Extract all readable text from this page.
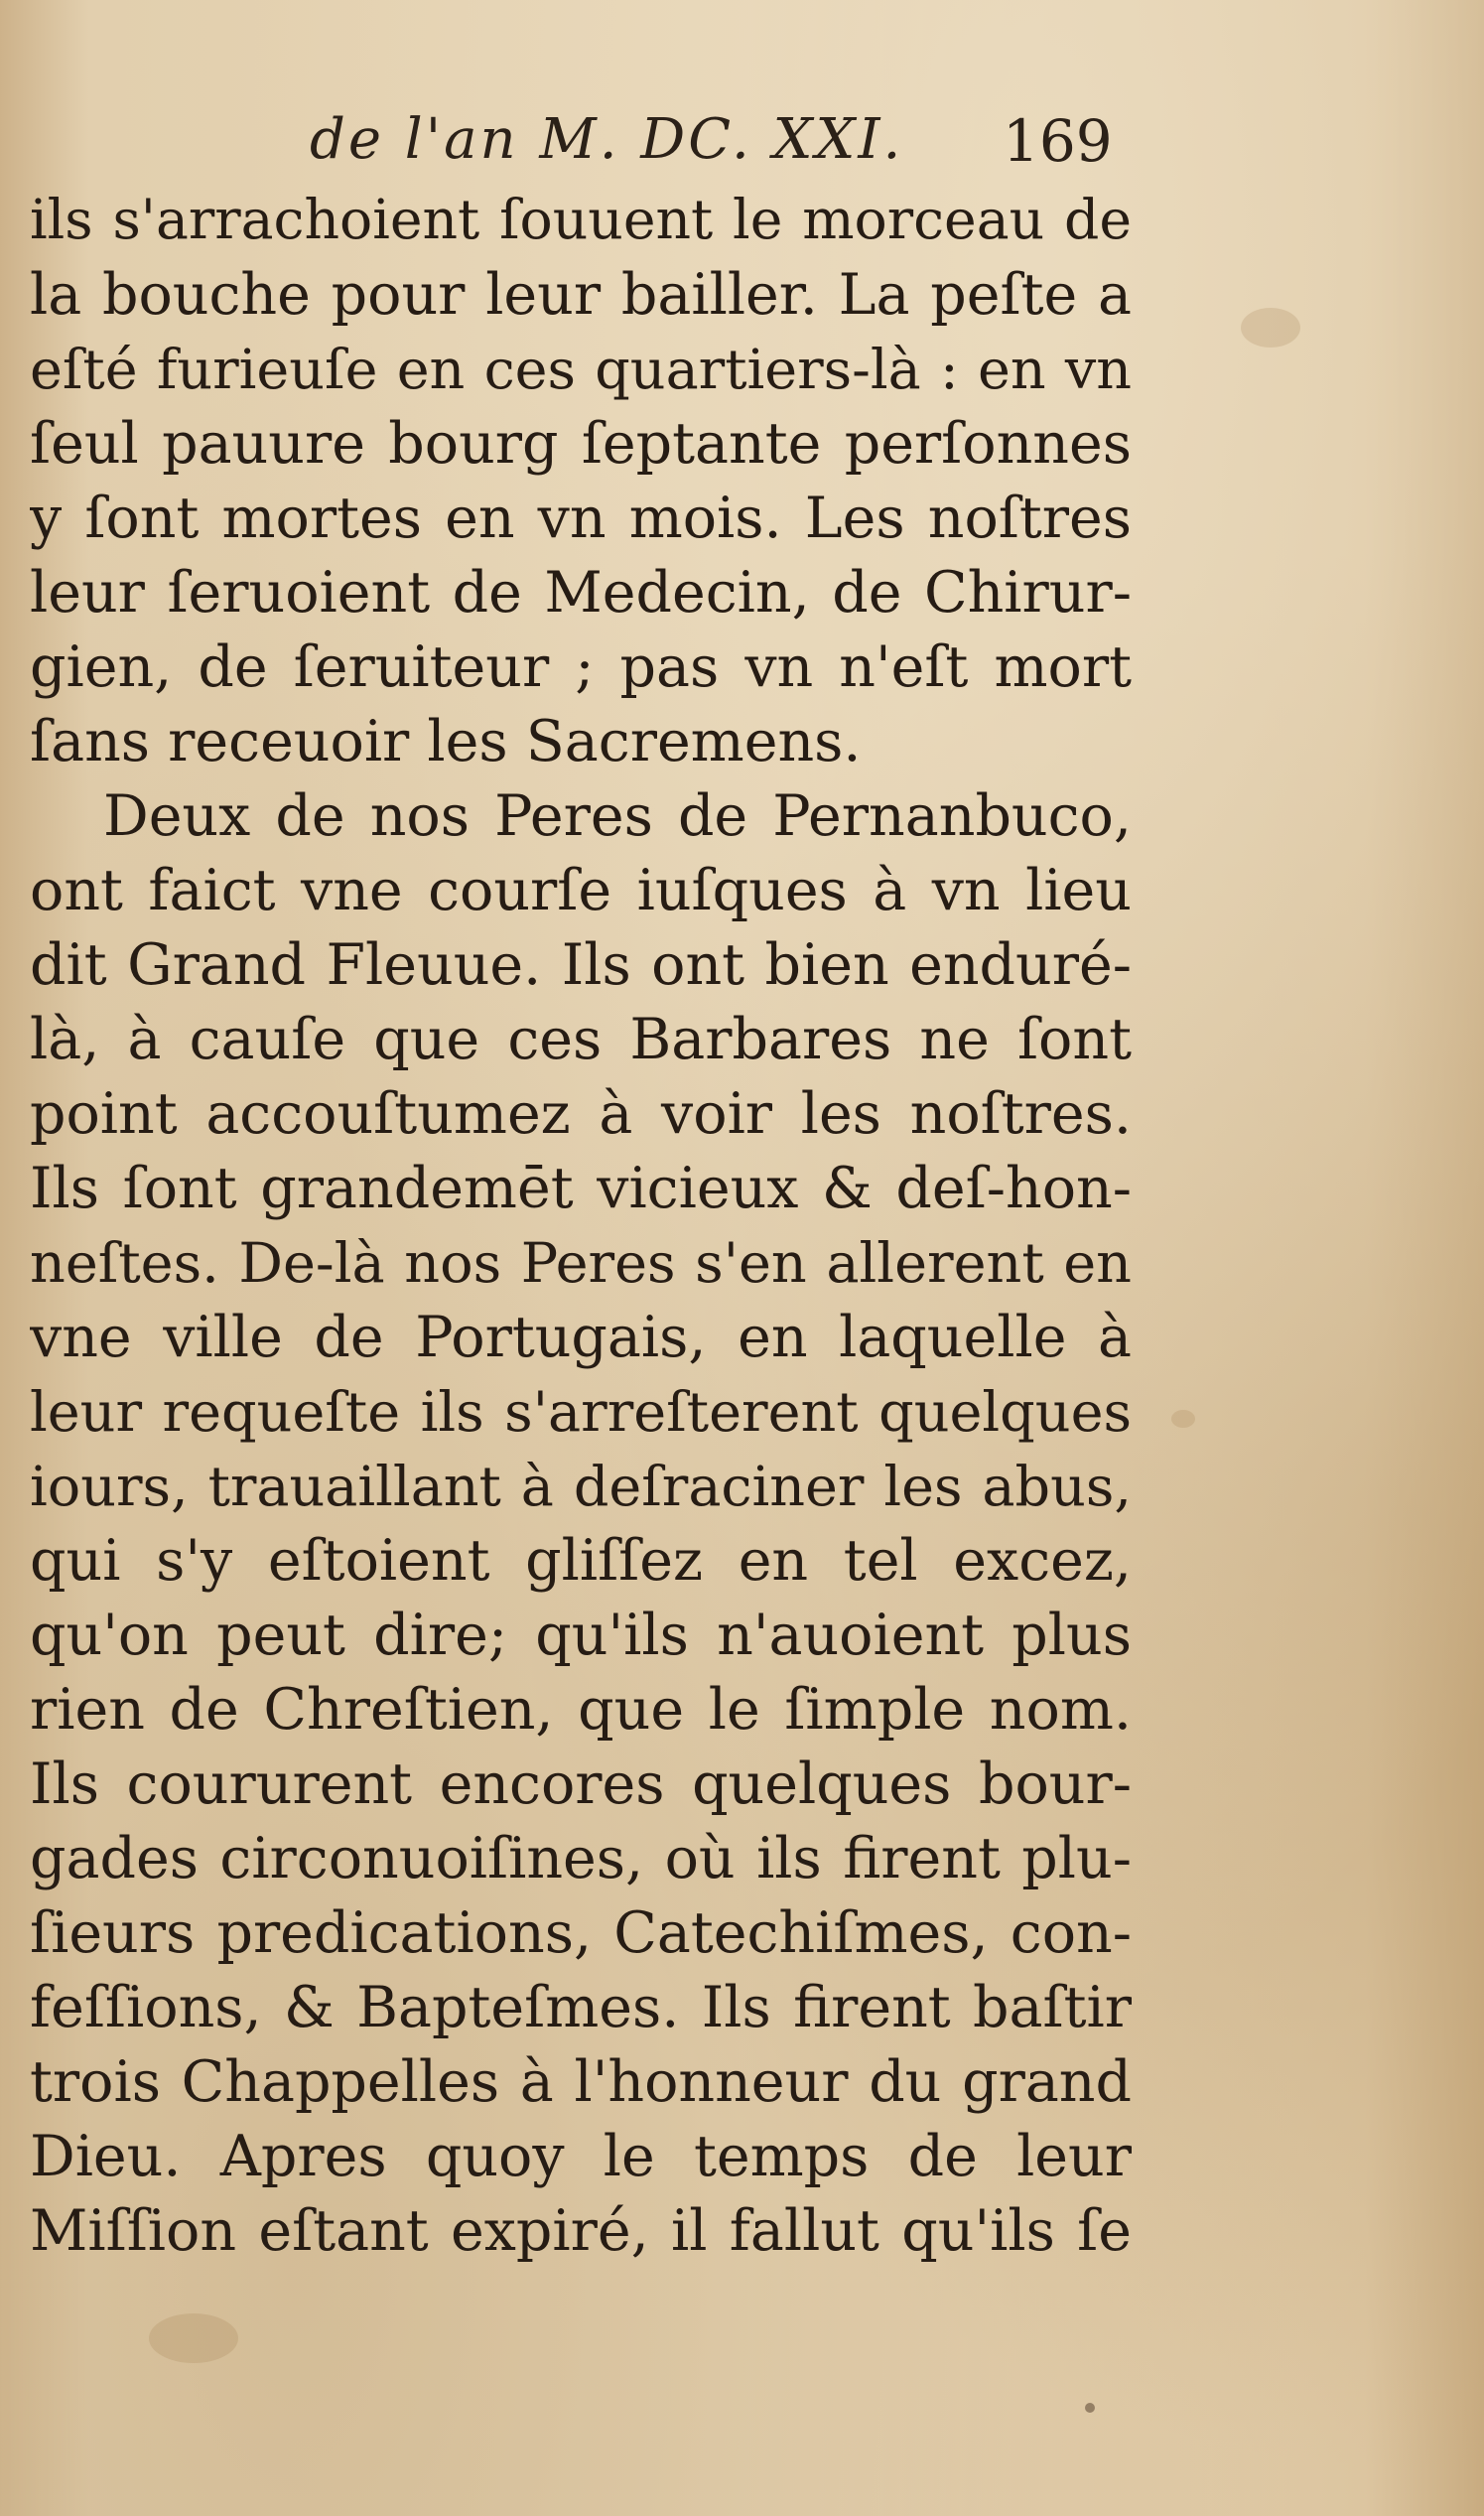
de l'an M. DC. XXI. 169
ils s'arrachoient ſouuent le morceau de
la bouche pour leur bailler. La peſte a
eſté furieuſe en ces quartiers-là : en vn
ſeul pauure bourg ſeptante perſonnes
y ſont mortes en vn mois. Les noſtres
leur ſeruoient de Medecin, de Chirur-
gien, de ſeruiteur ; pas vn n'eſt mort
ſans receuoir les Sacremens.
Deux de nos Peres de Pernanbuco,
ont faict vne courſe iuſques à vn lieu
dit Grand Fleuue. Ils ont bien enduré-
là, à cauſe que ces Barbares ne ſont
point accouſtumez à voir les noſtres.
Ils ſont grandemēt vicieux & deſ-hon-
neſtes. De-là nos Peres s'en allerent en
vne ville de Portugais, en laquelle à
leur requeſte ils s'arreſterent quelques
iours, trauaillant à deſraciner les abus,
qui s'y eſtoient gliſſez en tel excez,
qu'on peut dire; qu'ils n'auoient plus
rien de Chreſtien, que le ſimple nom.
Ils coururent encores quelques bour-
gades circonuoiſines, où ils firent plu-
ſieurs predications, Catechiſmes, con-
feſſions, & Bapteſmes. Ils firent baſtir
trois Chappelles à l'honneur du grand
Dieu. Apres quoy le temps de leur
Miſſion eſtant expiré, il fallut qu'ils ſe
